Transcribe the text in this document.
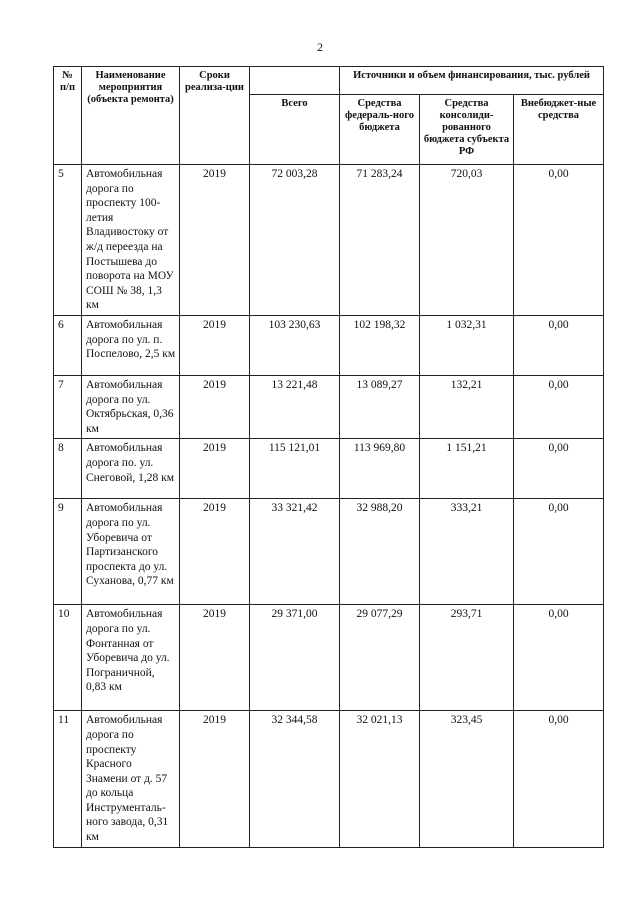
2
№ п/п	Наименование мероприятия (объекта ремонта)	Сроки реализа-ции		Источники и объем финансирования, тыс. рублей		
			Всего	Средства федераль-ного бюджета	Средства консолиди-рованного бюджета субъекта РФ	Внебюджет-ные средства
5	Автомобильная дорога по проспекту 100-летия Владивостоку от ж/д переезда на Постышева до поворота на МОУ СОШ № 38, 1,3 км	2019	72 003,28	71 283,24	720,03	0,00
6	Автомобильная дорога по ул. п. Поспелово, 2,5 км	2019	103 230,63	102 198,32	1 032,31	0,00
7	Автомобильная дорога по ул. Октябрьская, 0,36 км	2019	13 221,48	13 089,27	132,21	0,00
8	Автомобильная дорога по. ул. Снеговой, 1,28 км	2019	115 121,01	113 969,80	1 151,21	0,00
9	Автомобильная дорога по ул. Уборевича от Партизанского проспекта до ул. Суханова, 0,77 км	2019	33 321,42	32 988,20	333,21	0,00
10	Автомобильная дорога по ул. Фонтанная от Уборевича до ул. Пограничной, 0,83 км	2019	29 371,00	29 077,29	293,71	0,00
11	Автомобильная дорога по проспекту Красного Знамени от д. 57 до кольца Инструменталь-ного завода, 0,31 км	2019	32 344,58	32 021,13	323,45	0,00
